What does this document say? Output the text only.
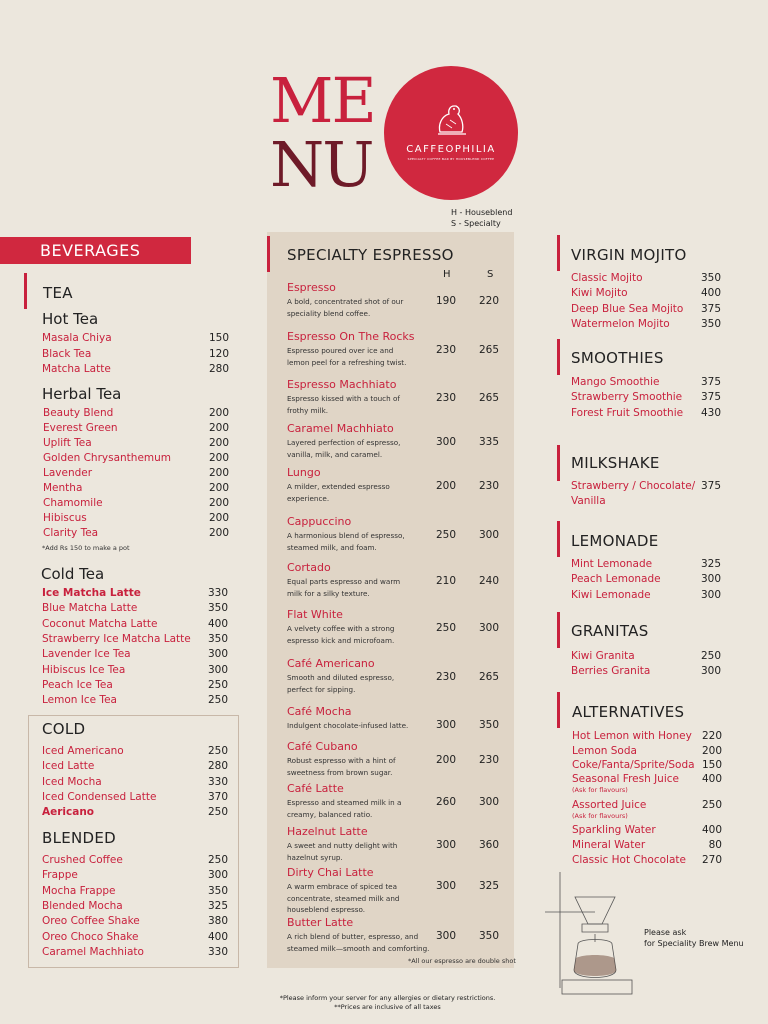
ME
NU	CAFFEOPHILIA
SPECIALTY COFFEE BAR BY HOUSEBLEND COFFEE
H - Houseblend
S - Specialty
BEVERAGES
TEA
Hot Tea
Masala Chiya	150
Black Tea	120
Matcha Latte	280
Herbal Tea
Beauty Blend	200
Everest Green	200
Uplift Tea	200
Golden Chrysanthemum	200
Lavender	200
Mentha	200
Chamomile	200
Hibiscus	200
Clarity Tea	200
*Add Rs 150 to make a pot
Cold Tea
Ice Matcha Latte	330
Blue Matcha Latte	350
Coconut Matcha Latte	400
Strawberry Ice Matcha Latte	350
Lavender Ice Tea	300
Hibiscus Ice Tea	300
Peach Ice Tea	250
Lemon Ice Tea	250
COLD
Iced Americano	250
Iced Latte	280
Iced Mocha	330
Iced Condensed Latte	370
Aericano	250
BLENDED
Crushed Coffee	250
Frappe	300
Mocha Frappe	350
Blended Mocha	325
Oreo Coffee Shake	380
Oreo Choco Shake	400
Caramel Machhiato	330
SPECIALTY ESPRESSO
H	S
Espresso
A bold, concentrated shot of our speciality blend coffee.
190	220
Espresso On The Rocks
Espresso poured over ice and lemon peel for a refreshing twist.
230	265
Espresso Machhiato
Espresso kissed with a touch of frothy milk.
230	265
Caramel Machhiato
Layered perfection of espresso, vanilla, milk, and caramel.
300	335
Lungo
A milder, extended espresso experience.
200	230
Cappuccino
A harmonious blend of espresso, steamed milk, and foam.
250	300
Cortado
Equal parts espresso and warm milk for a silky texture.
210	240
Flat White
A velvety coffee with a strong espresso kick and microfoam.
250	300
Café Americano
Smooth and diluted espresso, perfect for sipping.
230	265
Café Mocha
Indulgent chocolate-infused latte.	300	350
Café Cubano
Robust espresso with a hint of sweetness from brown sugar.
200	230
Café Latte
Espresso and steamed milk in a creamy, balanced ratio.
260	300
Hazelnut Latte
A sweet and nutty delight with hazelnut syrup.
300	360
Dirty Chai Latte
A warm embrace of spiced tea concentrate, steamed milk and houseblend espresso.
300	325
Butter Latte
A rich blend of butter, espresso, and steamed milk—smooth and comforting.
300	350
*All our espresso are double shot
VIRGIN MOJITO
Classic Mojito	350
Kiwi Mojito	400
Deep Blue Sea Mojito	375
Watermelon Mojito	350
SMOOTHIES
Mango Smoothie	375
Strawberry Smoothie	375
Forest Fruit Smoothie	430
MILKSHAKE
Strawberry / Chocolate/
Vanilla
375
LEMONADE
Mint Lemonade	325
Peach Lemonade	300
Kiwi Lemonade	300
GRANITAS
Kiwi Granita	250
Berries Granita	300
ALTERNATIVES
Hot Lemon with Honey 220
Lemon Soda	200
Coke/Fanta/Sprite/Soda 150
Seasonal Fresh Juice	400
(Ask for flavours)
Assorted Juice	250
(Ask for flavours)
Sparkling Water	400
Mineral Water	80
Classic Hot Chocolate	270
Please ask
for Speciality Brew Menu
*Please inform your server for any allergies or dietary restrictions.
**Prices are inclusive of all taxes
